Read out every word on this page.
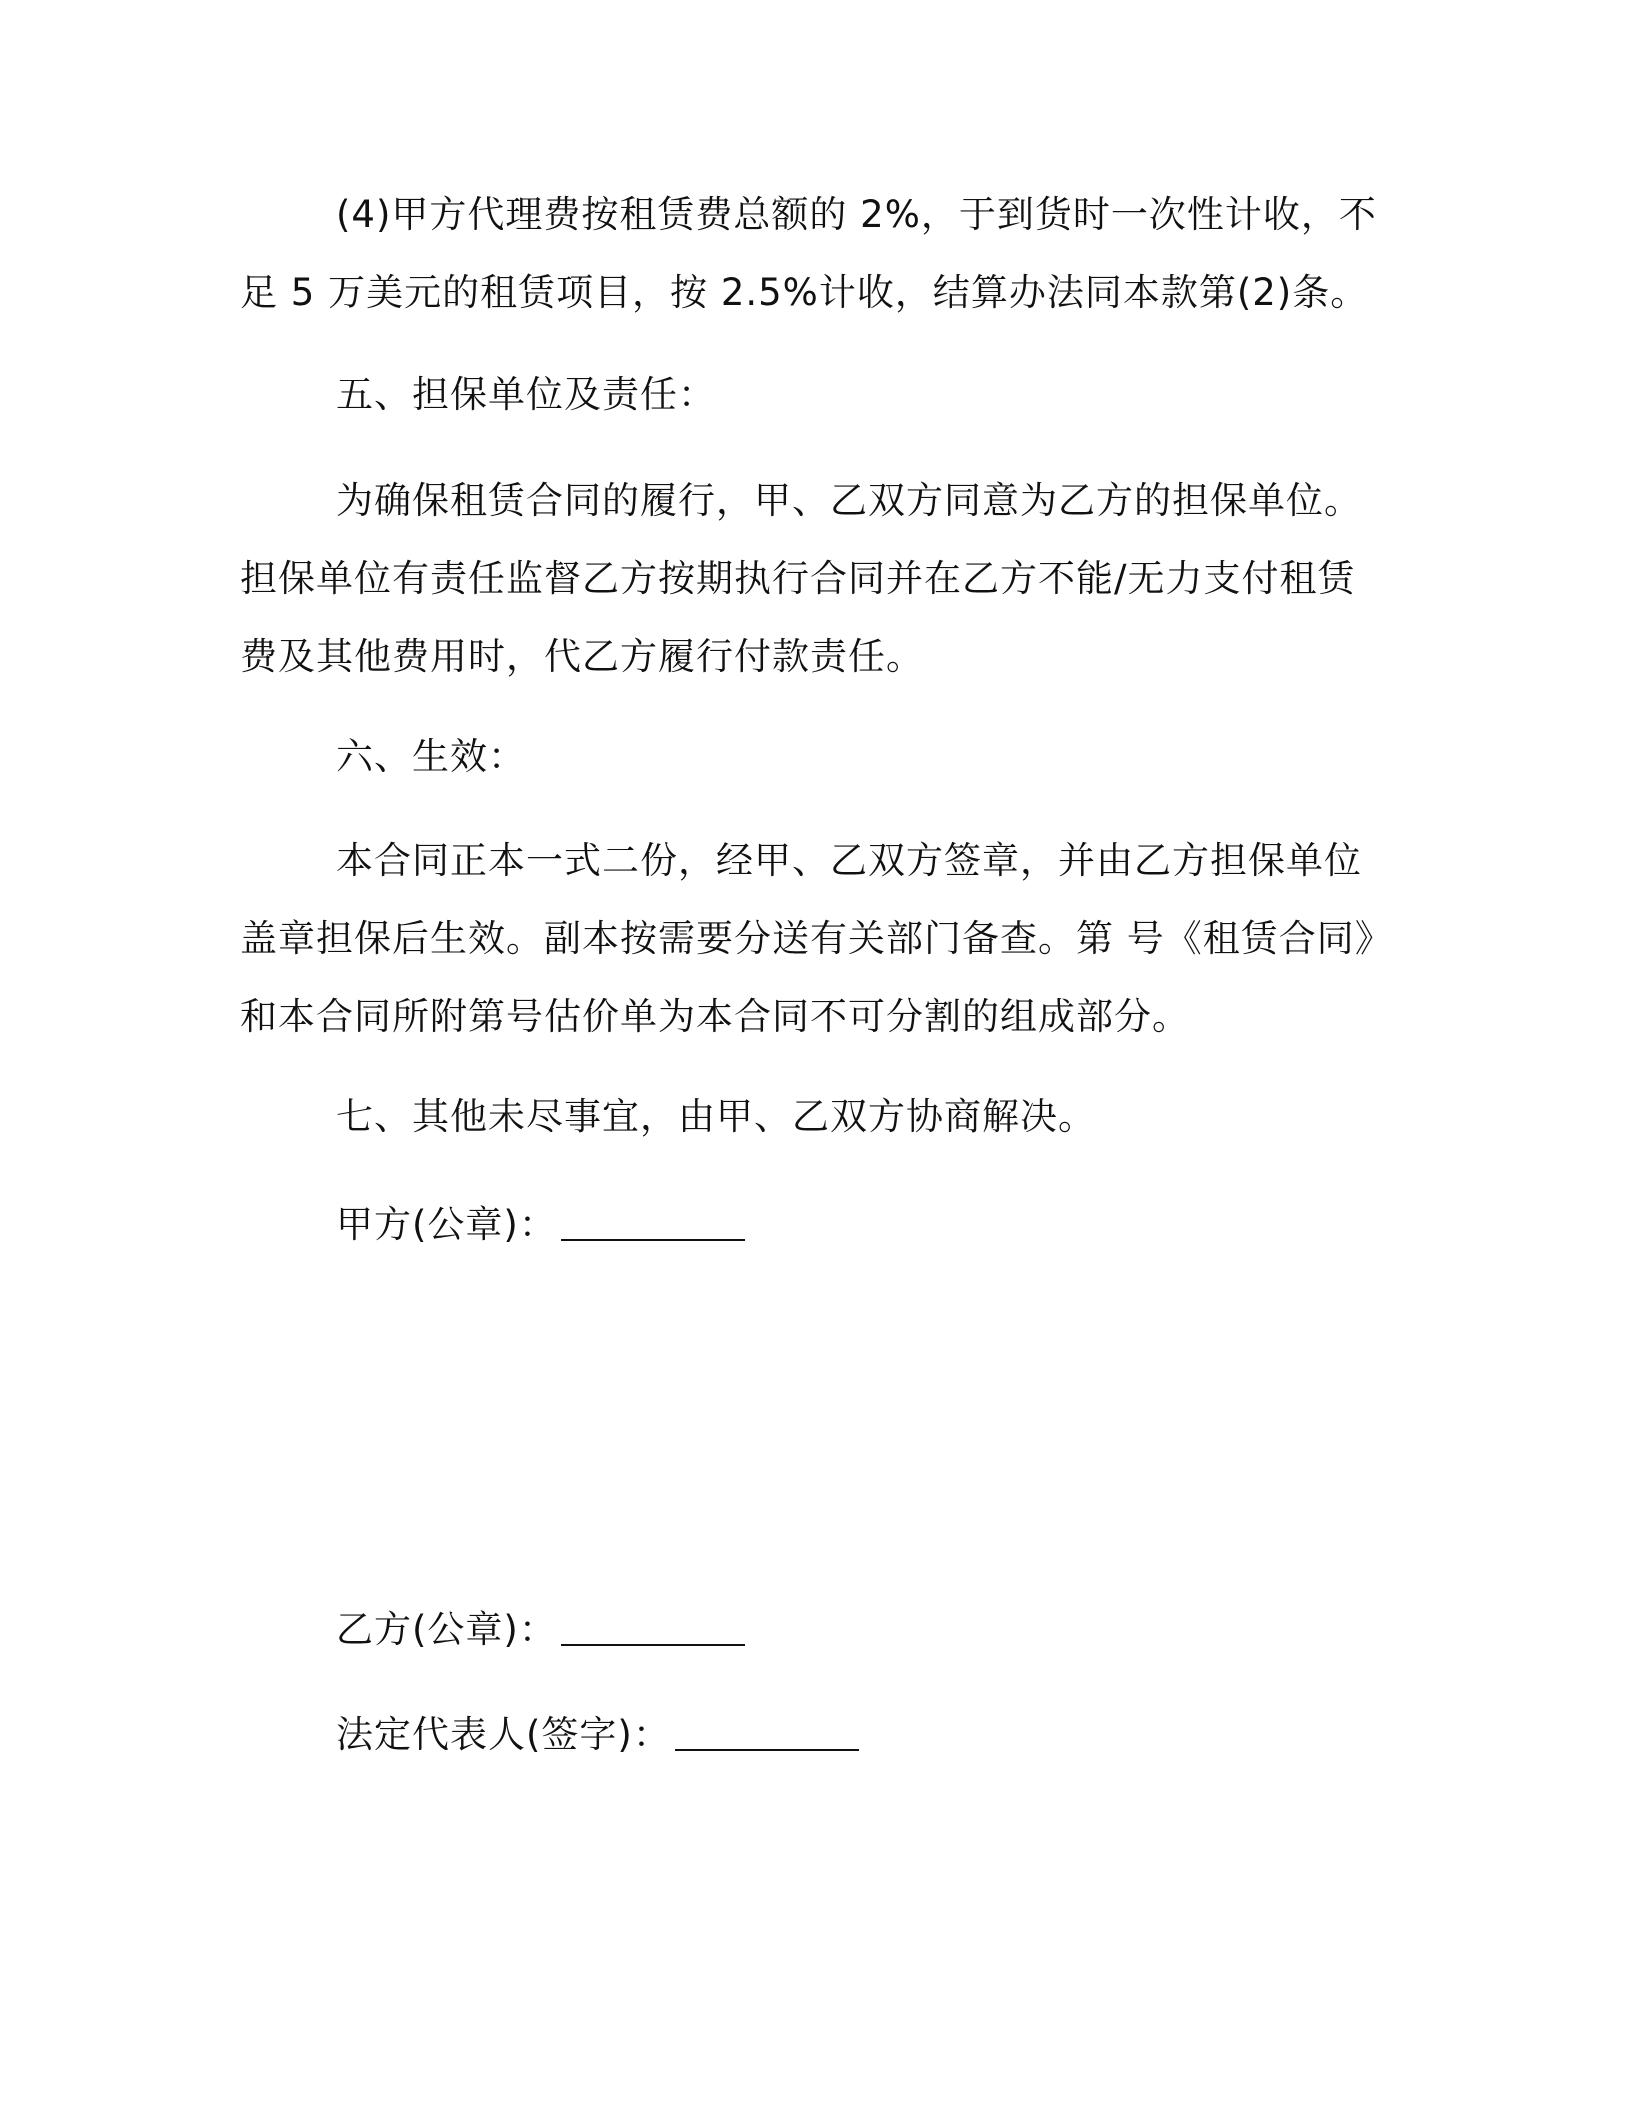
(4)甲方代理费按租赁费总额的 2%，于到货时一次性计收，不足 5 万美元的租赁项目，按 2.5%计收，结算办法同本款第(2)条。

五、担保单位及责任：

为确保租赁合同的履行，甲、乙双方同意为乙方的担保单位。担保单位有责任监督乙方按期执行合同并在乙方不能/无力支付租赁费及其他费用时，代乙方履行付款责任。

六、生效：

本合同正本一式二份，经甲、乙双方签章，并由乙方担保单位盖章担保后生效。副本按需要分送有关部门备查。第 号《租赁合同》和本合同所附第号估价单为本合同不可分割的组成部分。

七、其他未尽事宜，由甲、乙双方协商解决。

甲方(公章)：
乙方(公章)：
法定代表人(签字)：
